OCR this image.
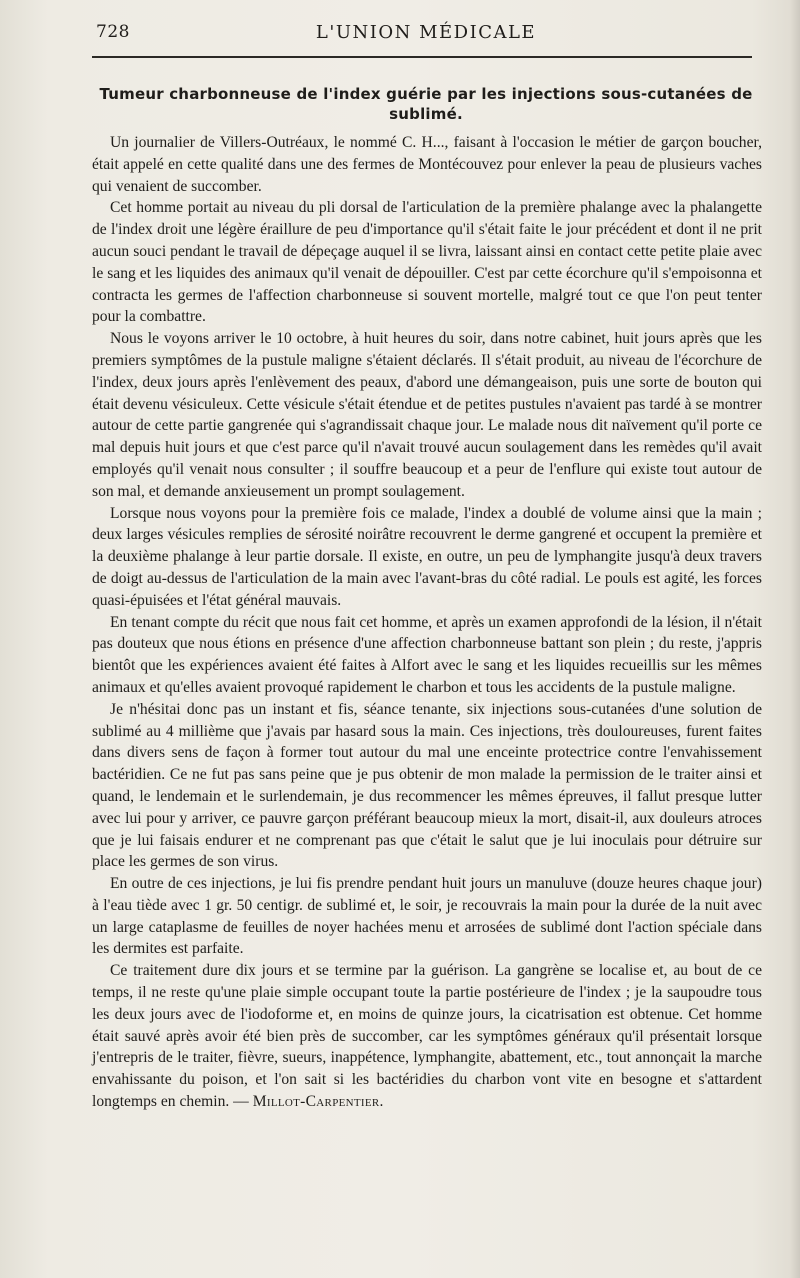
728	L'UNION MÉDICALE
Tumeur charbonneuse de l'index guérie par les injections sous-cutanées de sublimé.

Un journalier de Villers-Outréaux, le nommé C. H..., faisant à l'occasion le métier de garçon boucher, était appelé en cette qualité dans une des fermes de Montécouvez pour enlever la peau de plusieurs vaches qui venaient de succomber.

Cet homme portait au niveau du pli dorsal de l'articulation de la première phalange avec la phalangette de l'index droit une légère éraillure de peu d'importance qu'il s'était faite le jour précédent et dont il ne prit aucun souci pendant le travail de dépeçage auquel il se livra, laissant ainsi en contact cette petite plaie avec le sang et les liquides des animaux qu'il venait de dépouiller. C'est par cette écorchure qu'il s'empoisonna et contracta les germes de l'affection charbonneuse si souvent mortelle, malgré tout ce que l'on peut tenter pour la combattre.

Nous le voyons arriver le 10 octobre, à huit heures du soir, dans notre cabinet, huit jours après que les premiers symptômes de la pustule maligne s'étaient déclarés. Il s'était produit, au niveau de l'écorchure de l'index, deux jours après l'enlèvement des peaux, d'abord une démangeaison, puis une sorte de bouton qui était devenu vésiculeux. Cette vésicule s'était étendue et de petites pustules n'avaient pas tardé à se montrer autour de cette partie gangrenée qui s'agrandissait chaque jour. Le malade nous dit naïvement qu'il porte ce mal depuis huit jours et que c'est parce qu'il n'avait trouvé aucun soulagement dans les remèdes qu'il avait employés qu'il venait nous consulter ; il souffre beaucoup et a peur de l'enflure qui existe tout autour de son mal, et demande anxieusement un prompt soulagement.

Lorsque nous voyons pour la première fois ce malade, l'index a doublé de volume ainsi que la main ; deux larges vésicules remplies de sérosité noirâtre recouvrent le derme gangrené et occupent la première et la deuxième phalange à leur partie dorsale. Il existe, en outre, un peu de lymphangite jusqu'à deux travers de doigt au-dessus de l'articulation de la main avec l'avant-bras du côté radial. Le pouls est agité, les forces quasi-épuisées et l'état général mauvais.

En tenant compte du récit que nous fait cet homme, et après un examen approfondi de la lésion, il n'était pas douteux que nous étions en présence d'une affection charbonneuse battant son plein ; du reste, j'appris bientôt que les expériences avaient été faites à Alfort avec le sang et les liquides recueillis sur les mêmes animaux et qu'elles avaient provoqué rapidement le charbon et tous les accidents de la pustule maligne.

Je n'hésitai donc pas un instant et fis, séance tenante, six injections sous-cutanées d'une solution de sublimé au 4 millième que j'avais par hasard sous la main. Ces injections, très douloureuses, furent faites dans divers sens de façon à former tout autour du mal une enceinte protectrice contre l'envahissement bactéridien. Ce ne fut pas sans peine que je pus obtenir de mon malade la permission de le traiter ainsi et quand, le lendemain et le surlendemain, je dus recommencer les mêmes épreuves, il fallut presque lutter avec lui pour y arriver, ce pauvre garçon préférant beaucoup mieux la mort, disait-il, aux douleurs atroces que je lui faisais endurer et ne comprenant pas que c'était le salut que je lui inoculais pour détruire sur place les germes de son virus.

En outre de ces injections, je lui fis prendre pendant huit jours un manuluve (douze heures chaque jour) à l'eau tiède avec 1 gr. 50 centigr. de sublimé et, le soir, je recouvrais la main pour la durée de la nuit avec un large cataplasme de feuilles de noyer hachées menu et arrosées de sublimé dont l'action spéciale dans les dermites est parfaite.

Ce traitement dure dix jours et se termine par la guérison. La gangrène se localise et, au bout de ce temps, il ne reste qu'une plaie simple occupant toute la partie postérieure de l'index ; je la saupoudre tous les deux jours avec de l'iodoforme et, en moins de quinze jours, la cicatrisation est obtenue. Cet homme était sauvé après avoir été bien près de succomber, car les symptômes généraux qu'il présentait lorsque j'entrepris de le traiter, fièvre, sueurs, inappétence, lymphangite, abattement, etc., tout annonçait la marche envahissante du poison, et l'on sait si les bactéridies du charbon vont vite en besogne et s'attardent longtemps en chemin. — Millot-Carpentier.
